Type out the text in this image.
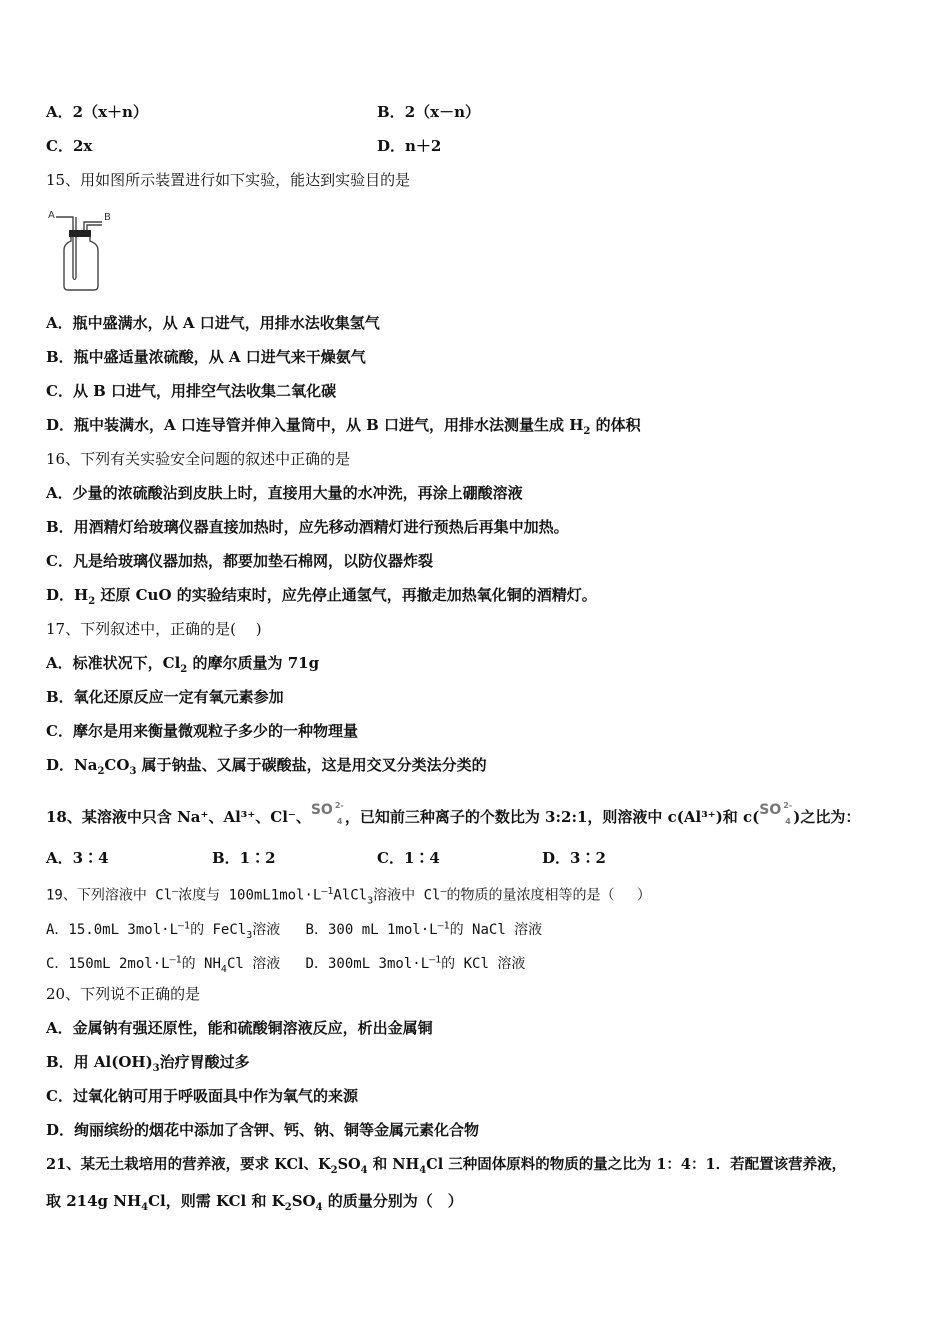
A．2（x＋n）	B．2（x－n）
C．2x	D．n＋2
15、用如图所示装置进行如下实验，能达到实验目的是
A	B
A．瓶中盛满水，从 A 口进气，用排水法收集氢气
B．瓶中盛适量浓硫酸，从 A 口进气来干燥氨气
C．从 B 口进气，用排空气法收集二氧化碳
D．瓶中装满水，A 口连导管并伸入量筒中，从 B 口进气，用排水法测量生成 $H_2$ 的体积
16、下列有关实验安全问题的叙述中正确的是
A．少量的浓硫酸沾到皮肤上时，直接用大量的水冲洗，再涂上硼酸溶液
B．用酒精灯给玻璃仪器直接加热时，应先移动酒精灯进行预热后再集中加热。
C．凡是给玻璃仪器加热，都要加垫石棉网，以防仪器炸裂
D．$H_2$ 还原 CuO 的实验结束时，应先停止通氢气，再撤走加热氧化铜的酒精灯。
17、下列叙述中，正确的是(　 )
A．标准状况下，$Cl_2$ 的摩尔质量为 71g
B．氧化还原反应一定有氧元素参加
C．摩尔是用来衡量微观粒子多少的一种物理量
D．$Na_2CO_3$ 属于钠盐、又属于碳酸盐，这是用交叉分类法分类的
18、某溶液中只含 Na⁺、Al³⁺、Cl⁻、 SO 2-
4 ，已知前三种离子的个数比为 3:2:1，则溶液中 c(Al³⁺)和 c( SO 2-
4 )之比为：
A．3∶4	B．1∶2	C．1∶4	D．3∶2
19、下列溶液中 Cl—浓度与 $100mL1mol\cdot L^{—1}AlCl_3$溶液中 Cl—的物质的量浓度相等的是（　 ）
A．15.0mL $3mol\cdot L^{—1}$的 FeCl$_3$溶液 B．300 mL $1mol\cdot L^{—1}$的 NaCl 溶液
C．150mL $2mol\cdot L^{—1}$的 $NH_4Cl$ 溶液 D．300mL $3mol\cdot L^{—1}$的 KCl 溶液
20、下列说不正确的是
A．金属钠有强还原性，能和硫酸铜溶液反应，析出金属铜
B．用 $Al(OH)_3$治疗胃酸过多
C．过氧化钠可用于呼吸面具中作为氧气的来源
D．绚丽缤纷的烟花中添加了含钾、钙、钠、铜等金属元素化合物
21、某无土栽培用的营养液，要求 KCl、$K_2SO_4$ 和 $NH_4Cl$ 三种固体原料的物质的量之比为 1：4：1．若配置该营养液，
取 214g $NH_4Cl$，则需 KCl 和 $K_2SO_4$ 的质量分别为（　）
